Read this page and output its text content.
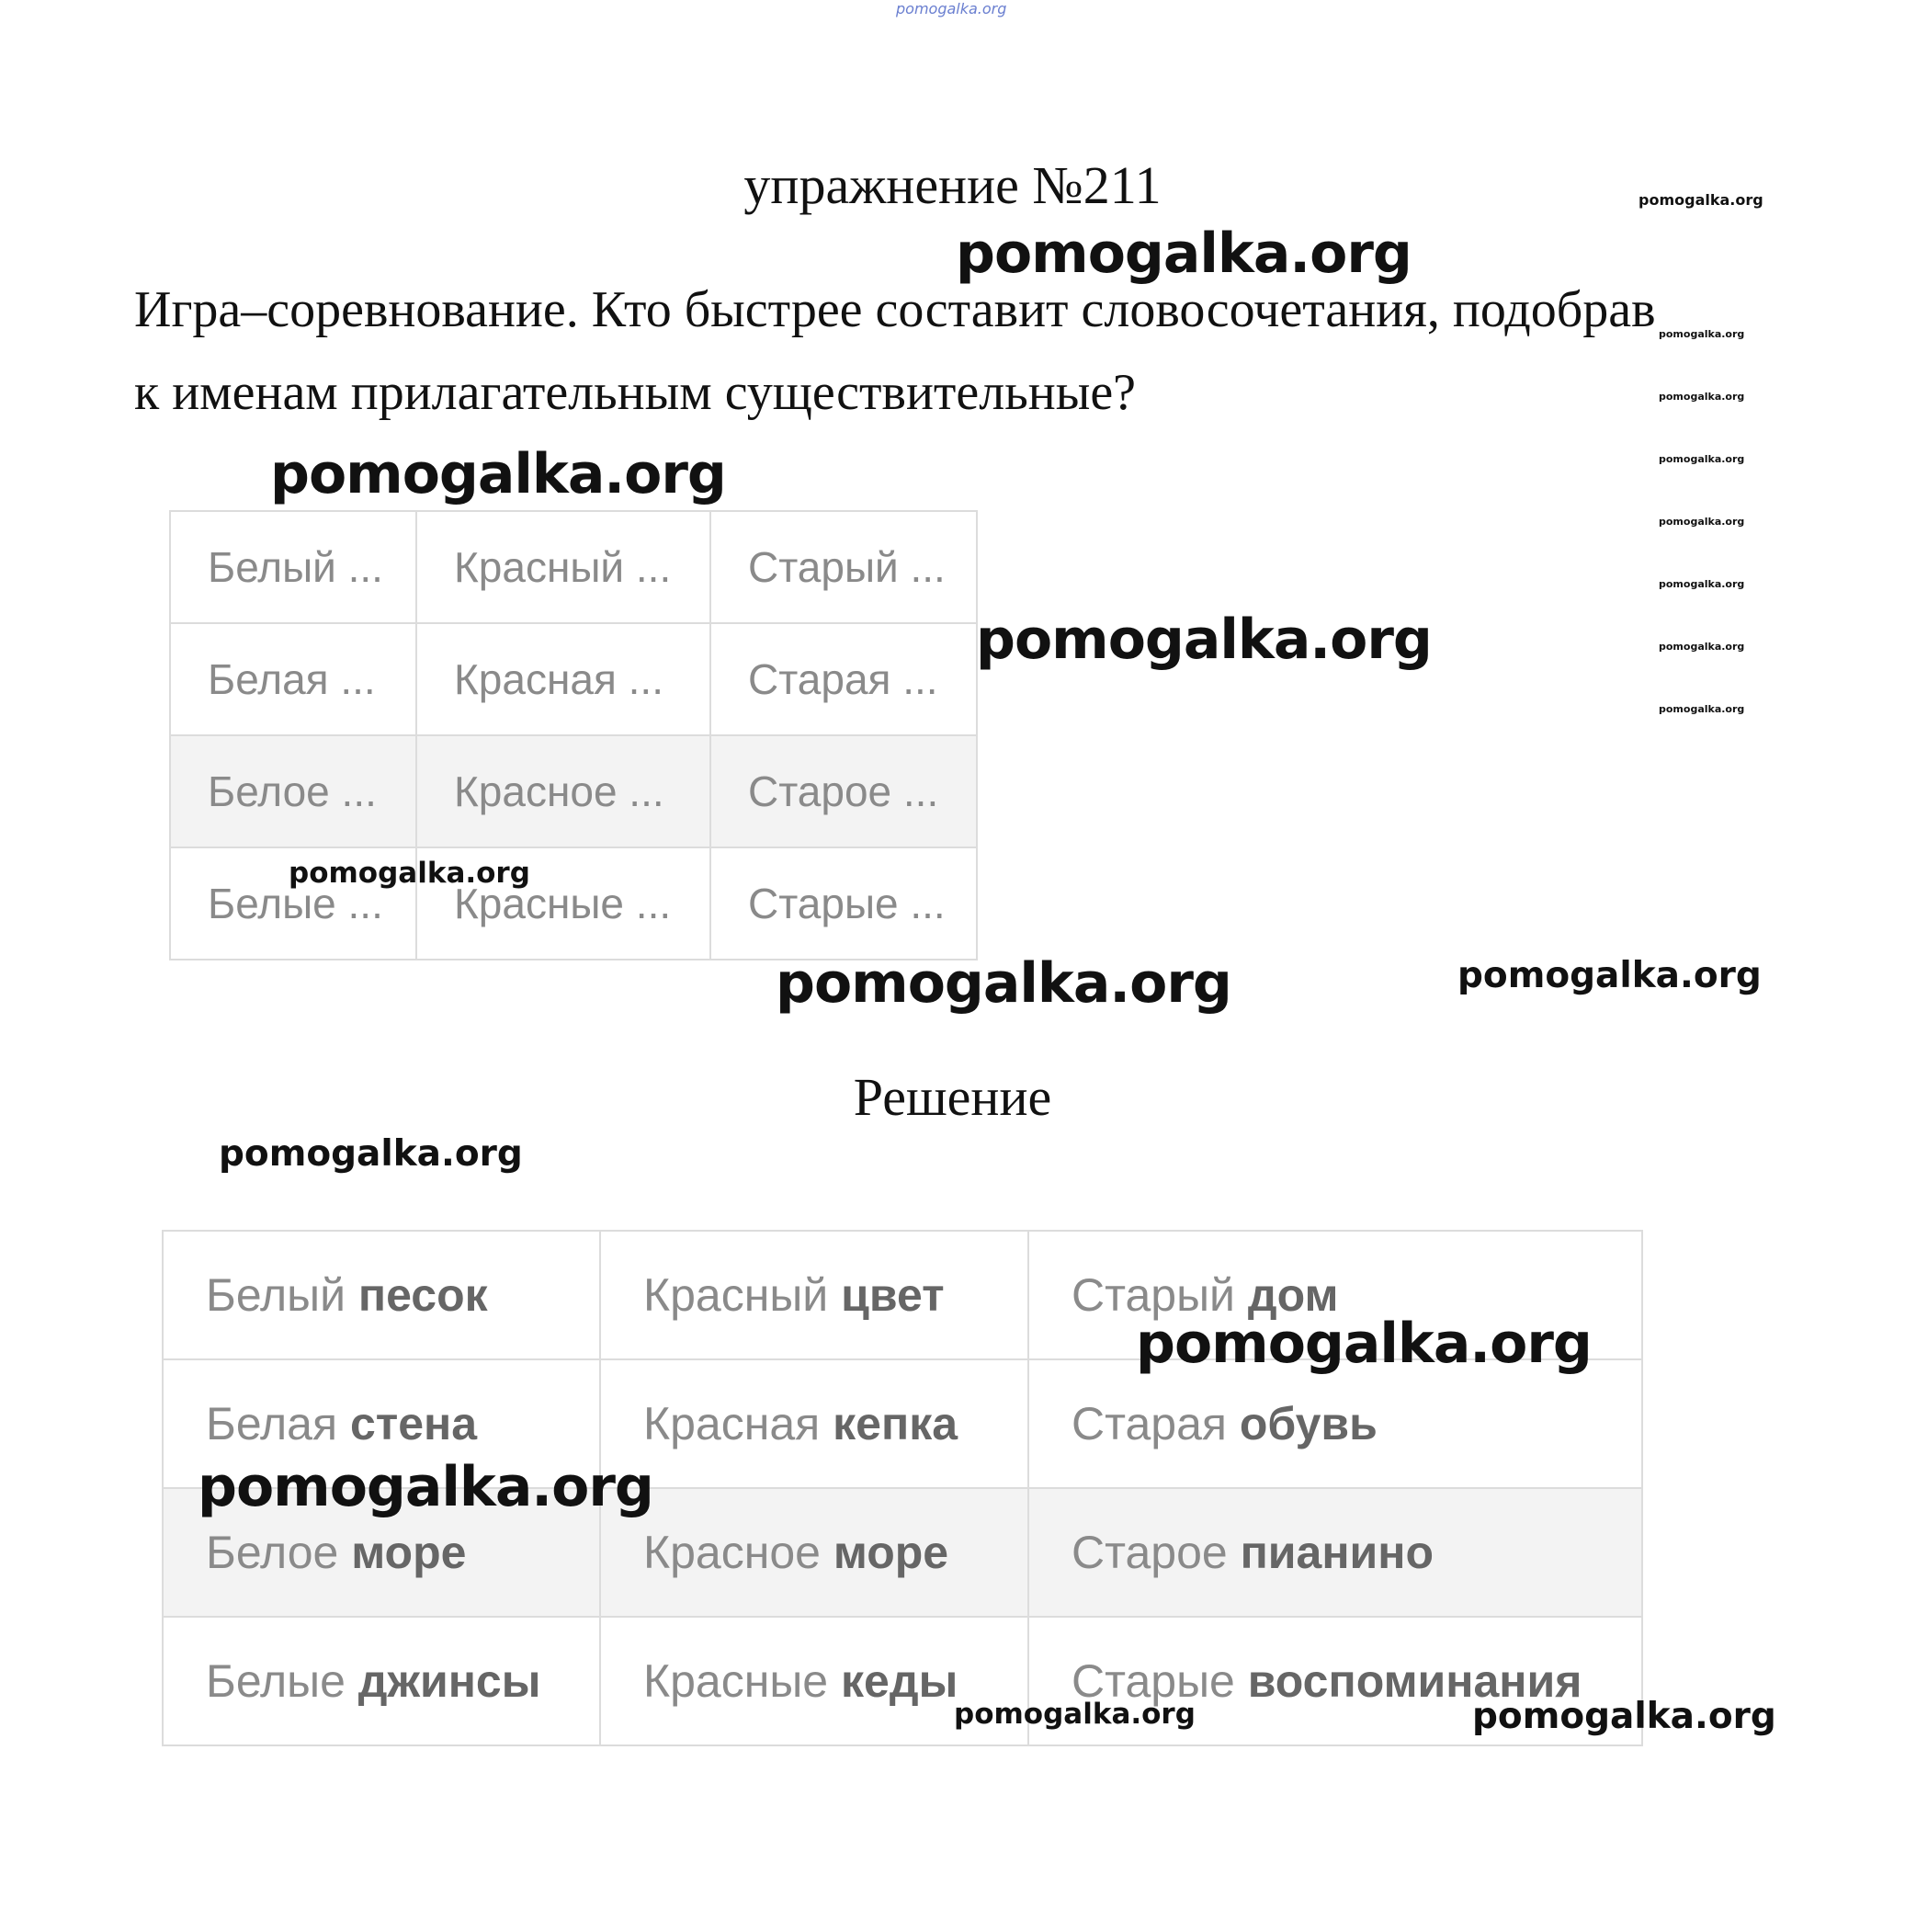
pomogalka.org
упражнение №211
Игра–соревнование. Кто быстрее составит словосочетания, подобрав
к именам прилагательным существительные?
Белый ...	Красный ...	Старый ...
Белая ...	Красная ...	Старая ...
Белое ...	Красное ...	Старое ...
Белые ...	Красные ...	Старые ...
Решение
Белый песок	Красный цвет	Старый дом
Белая стена	Красная кепка	Старая обувь
Белое море	Красное море	Старое пианино
Белые джинсы	Красные кеды	Старые воспоминания
pomogalka.org
pomogalka.org
pomogalka.org
pomogalka.org
pomogalka.org
pomogalka.org
pomogalka.org
pomogalka.org
pomogalka.org
pomogalka.org
pomogalka.org
pomogalka.org
pomogalka.org	pomogalka.org
pomogalka.org
pomogalka.org
pomogalka.org
pomogalka.org	pomogalka.org
